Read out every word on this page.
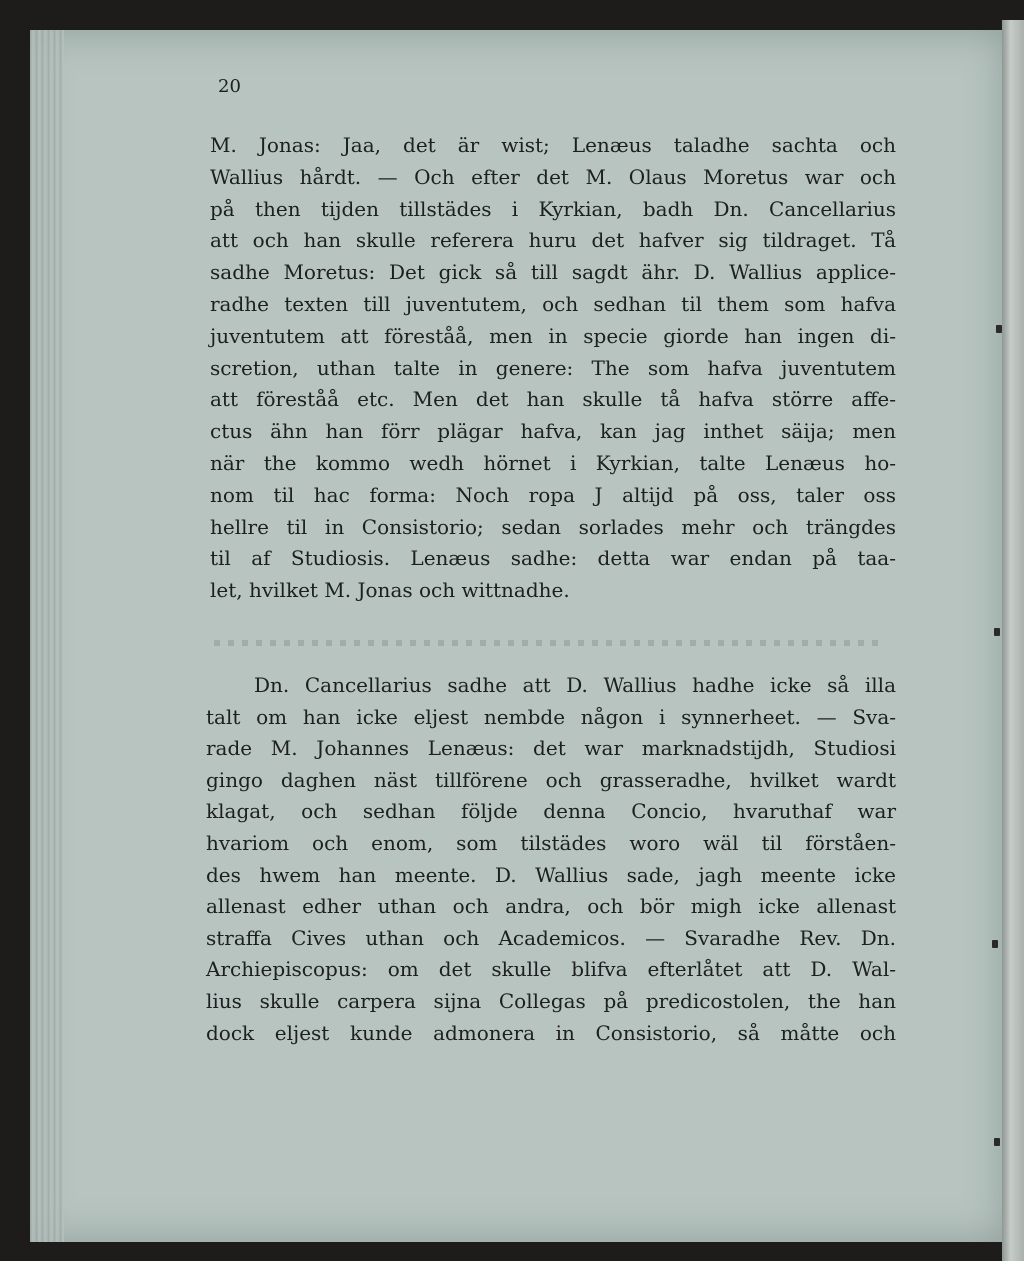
20
M. Jonas: Jaa, det är wist; Lenæus taladhe sachta och
Wallius hårdt. — Och efter det M. Olaus Moretus war och
på then tijden tillstädes i Kyrkian, badh Dn. Cancellarius
att och han skulle referera huru det hafver sig tildraget. Tå
sadhe Moretus: Det gick så till sagdt ähr. D. Wallius applice-
radhe texten till juventutem, och sedhan til them som hafva
juventutem att föreståå, men in specie giorde han ingen di-
scretion, uthan talte in genere: The som hafva juventutem
att föreståå etc. Men det han skulle tå hafva större affe-
ctus ähn han förr plägar hafva, kan jag inthet säija; men
när the kommo wedh hörnet i Kyrkian, talte Lenæus ho-
nom til hac forma: Noch ropa J altijd på oss, taler oss
hellre til in Consistorio; sedan sorlades mehr och trängdes
til af Studiosis. Lenæus sadhe: detta war endan på taa-
let, hvilket M. Jonas och wittnadhe.
Dn. Cancellarius sadhe att D. Wallius hadhe icke så illa
talt om han icke eljest nembde någon i synnerheet. — Sva-
rade M. Johannes Lenæus: det war marknadstijdh, Studiosi
gingo daghen näst tillförene och grasseradhe, hvilket wardt
klagat, och sedhan följde denna Concio, hvaruthaf war
hvariom och enom, som tilstädes woro wäl til förståen-
des hwem han meente. D. Wallius sade, jagh meente icke
allenast edher uthan och andra, och bör migh icke allenast
straffa Cives uthan och Academicos. — Svaradhe Rev. Dn.
Archiepiscopus: om det skulle blifva efterlåtet att D. Wal-
lius skulle carpera sijna Collegas på predicostolen, the han
dock eljest kunde admonera in Consistorio, så måtte och
